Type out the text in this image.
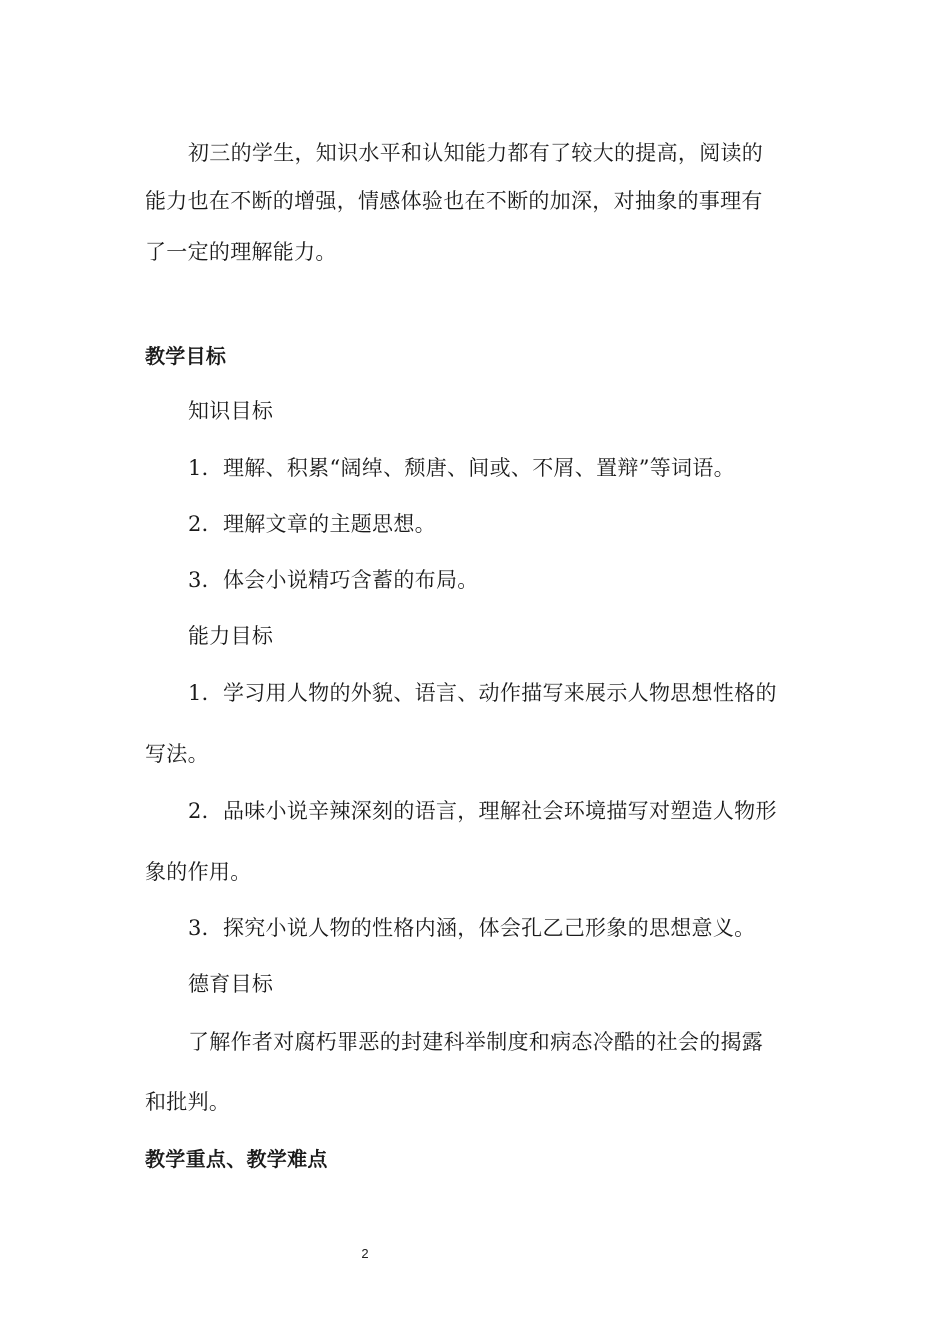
初三的学生，知识水平和认知能力都有了较大的提高，阅读的
能力也在不断的增强，情感体验也在不断的加深，对抽象的事理有
了一定的理解能力。
教学目标
知识目标
1．理解、积累“阔绰、颓唐、间或、不屑、置辩”等词语。
2．理解文章的主题思想。
3．体会小说精巧含蓄的布局。
能力目标
1．学习用人物的外貌、语言、动作描写来展示人物思想性格的
写法。
2．品味小说辛辣深刻的语言，理解社会环境描写对塑造人物形
象的作用。
3．探究小说人物的性格内涵，体会孔乙己形象的思想意义。
德育目标
了解作者对腐朽罪恶的封建科举制度和病态冷酷的社会的揭露
和批判。
教学重点、教学难点
2
